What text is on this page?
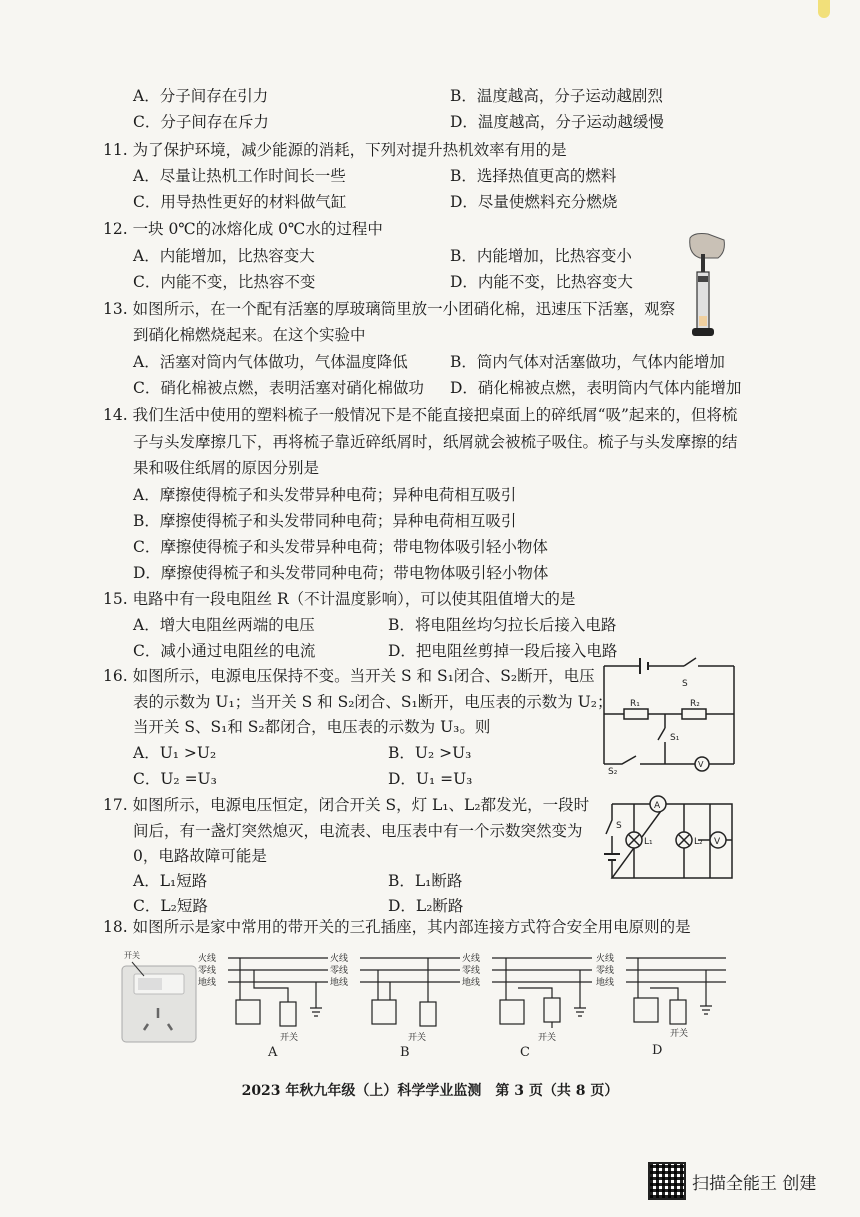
A．分子间存在引力	B．温度越高，分子运动越剧烈
C．分子间存在斥力	D．温度越高，分子运动越缓慢
11. 为了保护环境，减少能源的消耗，下列对提升热机效率有用的是
A．尽量让热机工作时间长一些	B．选择热值更高的燃料
C．用导热性更好的材料做气缸	D．尽量使燃料充分燃烧
12. 一块 0℃的冰熔化成 0℃水的过程中
A．内能增加，比热容变大	B．内能增加，比热容变小
C．内能不变，比热容不变	D．内能不变，比热容变大
13. 如图所示，在一个配有活塞的厚玻璃筒里放一小团硝化棉，迅速压下活塞，观察
到硝化棉燃烧起来。在这个实验中
A．活塞对筒内气体做功，气体温度降低	B．筒内气体对活塞做功，气体内能增加
C．硝化棉被点燃，表明活塞对硝化棉做功 D．硝化棉被点燃，表明筒内气体内能增加
14. 我们生活中使用的塑料梳子一般情况下是不能直接把桌面上的碎纸屑“吸”起来的，但将梳
子与头发摩擦几下，再将梳子靠近碎纸屑时，纸屑就会被梳子吸住。梳子与头发摩擦的结
果和吸住纸屑的原因分别是
A．摩擦使得梳子和头发带异种电荷；异种电荷相互吸引
B．摩擦使得梳子和头发带同种电荷；异种电荷相互吸引
C．摩擦使得梳子和头发带异种电荷；带电物体吸引轻小物体
D．摩擦使得梳子和头发带同种电荷；带电物体吸引轻小物体
15. 电路中有一段电阻丝 R（不计温度影响），可以使其阻值增大的是
A．增大电阻丝两端的电压	B．将电阻丝均匀拉长后接入电路
C．减小通过电阻丝的电流	D．把电阻丝剪掉一段后接入电路
16. 如图所示，电源电压保持不变。当开关 S 和 S₁闭合、S₂断开，电压
表的示数为 U₁；当开关 S 和 S₂闭合、S₁断开，电压表的示数为 U₂；
当开关 S、S₁和 S₂都闭合，电压表的示数为 U₃。则
A．U₁ >U₂	B．U₂ >U₃
C．U₂ =U₃	D．U₁ =U₃
S
R₁	R₂
S₁
S₂
V
17. 如图所示，电源电压恒定，闭合开关 S，灯 L₁、L₂都发光，一段时
间后，有一盏灯突然熄灭，电流表、电压表中有一个示数突然变为
0，电路故障可能是
A．L₁短路	B．L₁断路
C．L₂短路	D．L₂断路
A
S
L₁	L₂ V
18. 如图所示是家中常用的带开关的三孔插座，其内部连接方式符合安全用电原则的是
开关	火线
零线
地线
开关
A
火线
零线
地线
开关
B
火线
零线
地线
开关
C
火线
零线
地线
开关
D
2023 年秋九年级（上）科学学业监测　第 3 页（共 8 页）
扫描全能王 创建
